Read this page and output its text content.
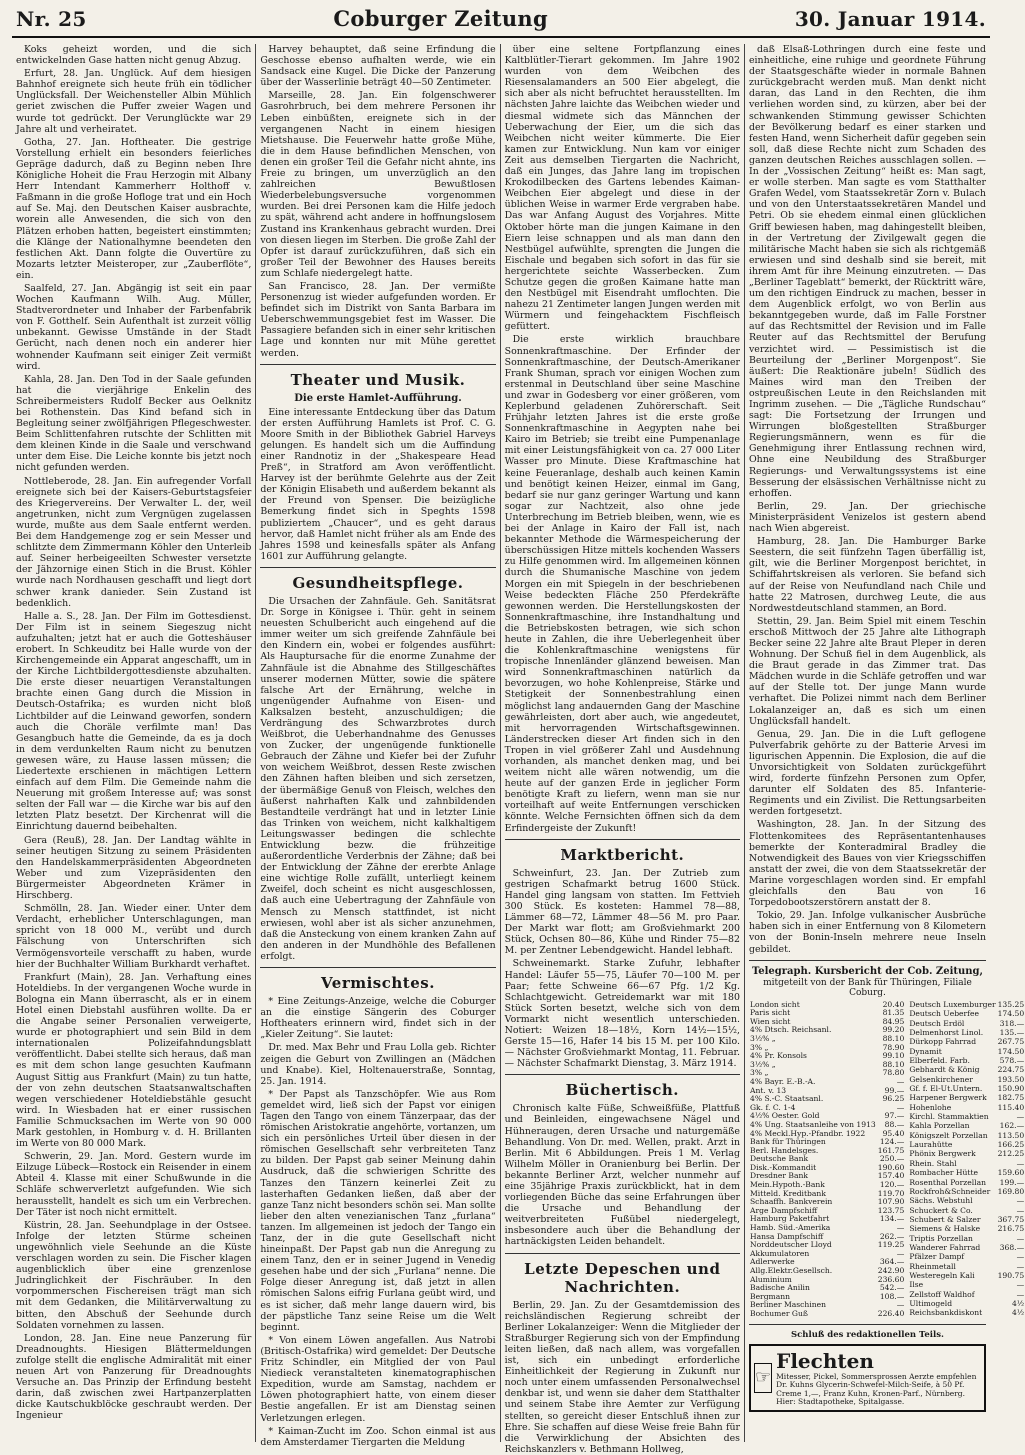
Nr. 25	Coburger Zeitung	30. Januar 1914.

Koks geheizt worden, und die sich entwickelnden Gase hatten nicht genug Abzug.

Erfurt, 28. Jan. Unglück. Auf dem hiesigen Bahnhof ereignete sich heute früh ein tödlicher Unglücksfall. Der Weichensteller Albin Mühlich geriet zwischen die Puffer zweier Wagen und wurde tot gedrückt. Der Verunglückte war 29 Jahre alt und verheiratet.

Gotha, 27. Jan. Hoftheater. Die gestrige Vorstellung erhielt ein besonders feierliches Gepräge dadurch, daß zu Beginn neben Ihre Königliche Hoheit die Frau Herzogin mit Albany Herr Intendant Kammerherr Holthoff v. Faßmann in die große Hofloge trat und ein Hoch auf Se. Maj. den Deutschen Kaiser ausbrachte, worein alle Anwesenden, die sich von den Plätzen erhoben hatten, begeistert einstimmten; die Klänge der Nationalhymne beendeten den festlichen Akt. Dann folgte die Ouvertüre zu Mozarts letzter Meisteroper, zur „Zauberflöte“, ein.

Saalfeld, 27. Jan. Abgängig ist seit ein paar Wochen Kaufmann Wilh. Aug. Müller, Stadtverordneter und Inhaber der Farbenfabrik von F. Gotthelf. Sein Aufenthalt ist zurzeit völlig unbekannt. Gewisse Umstände in der Stadt Gerücht, nach denen noch ein anderer hier wohnender Kaufmann seit einiger Zeit vermißt wird.

Kahla, 28. Jan. Den Tod in der Saale gefunden hat die vierjährige Enkelin des Schreibermeisters Rudolf Becker aus Oelknitz bei Rothenstein. Das Kind befand sich in Begleitung seiner zwölfjährigen Pflegeschwester. Beim Schlittenfahren rutschte der Schlitten mit dem kleinen Kinde in die Saale und verschwand unter dem Eise. Die Leiche konnte bis jetzt noch nicht gefunden werden.

Nottleberode, 28. Jan. Ein aufregender Vorfall ereignete sich bei der Kaisers-Geburtstagsfeier des Kriegervereins. Der Verwalter L. der, weil angetrunken, nicht zum Vergnügen zugelassen wurde, mußte aus dem Saale entfernt werden. Bei dem Handgemenge zog er sein Messer und schlitzte dem Zimmermann Köhler den Unterleib auf. Seiner herbeigeeilten Schwester versetzte der Jähzornige einen Stich in die Brust. Köhler wurde nach Nordhausen geschafft und liegt dort schwer krank danieder. Sein Zustand ist bedenklich.

Halle a. S., 28. Jan. Der Film im Gottesdienst. Der Film ist in seinem Siegeszug nicht aufzuhalten; jetzt hat er auch die Gotteshäuser erobert. In Schkeuditz bei Halle wurde von der Kirchengemeinde ein Apparat angeschafft, um in der Kirche Lichtbildergottesdienste abzuhalten. Die erste dieser neuartigen Veranstaltungen brachte einen Gang durch die Mission in Deutsch-Ostafrika; es wurden nicht bloß Lichtbilder auf die Leinwand geworfen, sondern auch die Choräle verfilmte man! Das Gesangbuch hatte die Gemeinde, da es ja doch in dem verdunkelten Raum nicht zu benutzen gewesen wäre, zu Hause lassen müssen; die Liedertexte erschienen in mächtigen Lettern einfach auf dem Film. Die Gemeinde nahm die Neuerung mit großem Interesse auf; was sonst selten der Fall war — die Kirche war bis auf den letzten Platz besetzt. Der Kirchenrat will die Einrichtung dauernd beibehalten.

Gera (Reuß), 28. Jan. Der Landtag wählte in seiner heutigen Sitzung zu seinem Präsidenten den Handelskammerpräsidenten Abgeordneten Weber und zum Vizepräsidenten den Bürgermeister Abgeordneten Krämer in Hirschberg.

Schmölln, 28. Jan. Wieder einer. Unter dem Verdacht, erheblicher Unterschlagungen, man spricht von 18 000 M., verübt und durch Fälschung von Unterschriften sich Vermögensvorteile verschafft zu haben, wurde hier der Buchhalter William Burkhardt verhaftet.

Frankfurt (Main), 28. Jan. Verhaftung eines Hoteldiebs. In der vergangenen Woche wurde in Bologna ein Mann überrascht, als er in einem Hotel einen Diebstahl ausführen wollte. Da er die Angabe seiner Personalien verweigerte, wurde er photographiert und sein Bild in dem internationalen Polizeifahndungsblatt veröffentlicht. Dabei stellte sich heraus, daß man es mit dem schon lange gesuchten Kaufmann August Sittig aus Frankfurt (Main) zu tun hatte, der von zehn deutschen Staatsanwaltschaften wegen verschiedener Hoteldiebstähle gesucht wird. In Wiesbaden hat er einer russischen Familie Schmucksachen im Werte von 90 000 Mark gestohlen, in Homburg v. d. H. Brillanten im Werte von 80 000 Mark.

Schwerin, 29. Jan. Mord. Gestern wurde im Eilzuge Lübeck—Rostock ein Reisender in einem Abteil 4. Klasse mit einer Schußwunde in die Schläfe schwerverletzt aufgefunden. Wie sich herausstellt, handelt es sich um ein Verbrechen. Der Täter ist noch nicht ermittelt.

Küstrin, 28. Jan. Seehundplage in der Ostsee. Infolge der letzten Stürme scheinen ungewöhnlich viele Seehunde an die Küste verschlagen worden zu sein. Die Fischer klagen augenblicklich über eine grenzenlose Judringlichkeit der Fischräuber. In den vorpommerschen Fischereisen trägt man sich mit dem Gedanken, die Militärverwaltung zu bitten, den Abschuß der Seehunde durch Soldaten vornehmen zu lassen.

London, 28. Jan. Eine neue Panzerung für Dreadnoughts. Hiesigen Blättermeldungen zufolge stellt die englische Admiralität mit einer neuen Art von Panzerung für Dreadnoughts Versuche an. Das Prinzip der Erfindung besteht darin, daß zwischen zwei Hartpanzerplatten dicke Kautschukblöcke geschraubt werden. Der Ingenieur

Harvey behauptet, daß seine Erfindung die Geschosse ebenso aufhalten werde, wie ein Sandsack eine Kugel. Die Dicke der Panzerung über der Wasserlinie beträgt 40—50 Zentimeter.

Marseille, 28. Jan. Ein folgenschwerer Gasrohrbruch, bei dem mehrere Personen ihr Leben einbüßten, ereignete sich in der vergangenen Nacht in einem hiesigen Mietshause. Die Feuerwehr hatte große Mühe, die in dem Hause befindlichen Menschen, von denen ein großer Teil die Gefahr nicht ahnte, ins Freie zu bringen, um unverzüglich an den zahlreichen Bewußtlosen Wiederbelebungsversuche vorgenommen wurden. Bei drei Personen kam die Hilfe jedoch zu spät, während acht andere in hoffnungslosem Zustand ins Krankenhaus gebracht wurden. Drei von diesen liegen im Sterben. Die große Zahl der Opfer ist darauf zurückzuführen, daß sich ein großer Teil der Bewohner des Hauses bereits zum Schlafe niedergelegt hatte.

San Francisco, 28. Jan. Der vermißte Personenzug ist wieder aufgefunden worden. Er befindet sich im Distrikt von Santa Barbara im Ueberschwemmungsgebiet fest im Wasser. Die Passagiere befanden sich in einer sehr kritischen Lage und konnten nur mit Mühe gerettet werden.

Theater und Musik.
Die erste Hamlet-Aufführung.

Eine interessante Entdeckung über das Datum der ersten Aufführung Hamlets ist Prof. C. G. Moore Smith in der Bibliothek Gabriel Harveys gelungen. Es handelt sich um die Auffindung einer Randnotiz in der „Shakespeare Head Preß“, in Stratford am Avon veröffentlicht. Harvey ist der berühmte Gelehrte aus der Zeit der Königin Elisabeth und außerdem bekannt als der Freund von Spenser. Die beizügliche Bemerkung findet sich in Speghts 1598 publiziertem „Chaucer“, und es geht daraus hervor, daß Hamlet nicht früher als am Ende des Jahres 1598 und keinesfalls später als Anfang 1601 zur Aufführung gelangte.

Gesundheitspflege.

Die Ursachen der Zahnfäule. Geh. Sanitätsrat Dr. Sorge in Königsee i. Thür. geht in seinem neuesten Schulbericht auch eingehend auf die immer weiter um sich greifende Zahnfäule bei den Kindern ein, wobei er folgendes ausführt: Als Hauptursache für die enorme Zunahme der Zahnfäule ist die Abnahme des Stillgeschäftes unserer modernen Mütter, sowie die spätere falsche Art der Ernährung, welche in ungenügender Aufnahme von Eisen- und Kalksalzen besteht, anzuschuldigen; die Verdrängung des Schwarzbrotes durch Weißbrot, die Ueberhandnahme des Genusses von Zucker, der ungenügende funktionelle Gebrauch der Zähne und Kiefer bei der Zufuhr von weichem Weißbrot, dessen Reste zwischen den Zähnen haften bleiben und sich zersetzen, der übermäßige Genuß von Fleisch, welches den äußerst nahrhaften Kalk und zahnbildenden Bestandteile verdrängt hat und in letzter Linie das Trinken von weichem, nicht kalkhaltigem Leitungswasser bedingen die schlechte Entwicklung bezw. die frühzeitige außerordentliche Verderbnis der Zähne; daß bei der Entwicklung der Zähne der ererbte Anlage eine wichtige Rolle zufällt, unterliegt keinem Zweifel, doch scheint es nicht ausgeschlossen, daß auch eine Uebertragung der Zahnfäule von Mensch zu Mensch stattfindet, ist nicht erwiesen, wohl aber ist als sicher anzunehmen, daß die Ansteckung von einem kranken Zahn auf den anderen in der Mundhöhle des Befallenen erfolgt.

Vermischtes.

* Eine Zeitungs-Anzeige, welche die Coburger an die einstige Sängerin des Coburger Hoftheaters erinnern wird, findet sich in der „Kieler Zeitung“. Sie lautet:

Dr. med. Max Behr und Frau Lolla geb. Richter zeigen die Geburt von Zwillingen an (Mädchen und Knabe). Kiel, Holtenauerstraße, Sonntag, 25. Jan. 1914.

* Der Papst als Tanzschöpfer. Wie aus Rom gemeldet wird, ließ sich der Papst vor einigen Tagen den Tango von einem Tänzerpaar, das der römischen Aristokratie angehörte, vortanzen, um sich ein persönliches Urteil über diesen in der römischen Gesellschaft sehr verbreiteten Tanz zu bilden. Der Papst gab seiner Meinung dahin Ausdruck, daß die schwierigen Schritte des Tanzes den Tänzern keinerlei Zeit zu lasterhaften Gedanken ließen, daß aber der ganze Tanz nicht besonders schön sei. Man sollte lieber den alten venezianischen Tanz „furlana“ tanzen. Im allgemeinen ist jedoch der Tango ein Tanz, der in die gute Gesellschaft nicht hineinpaßt. Der Papst gab nun die Anregung zu einem Tanz, den er in seiner Jugend in Venedig gesehen habe und der sich „Furlana“ nenne. Die Folge dieser Anregung ist, daß jetzt in allen römischen Salons eifrig Furlana geübt wird, und es ist sicher, daß mehr lange dauern wird, bis der päpstliche Tanz seine Reise um die Welt beginnt.

* Von einem Löwen angefallen. Aus Natrobi (Britisch-Ostafrika) wird gemeldet: Der Deutsche Fritz Schindler, ein Mitglied der von Paul Niedieck veranstalteten kinematographischen Expedition, wurde am Samstag, nachdem er Löwen photographiert hatte, von einem dieser Bestie angefallen. Er ist am Dienstag seinen Verletzungen erlegen.

* Kaiman-Zucht im Zoo. Schon einmal ist aus dem Amsterdamer Tiergarten die Meldung

über eine seltene Fortpflanzung eines Kaltblütler-Tierart gekommen. Im Jahre 1902 wurden von dem Weibchen des Riesensalamanders an 500 Eier abgelegt, die sich aber als nicht befruchtet herausstellten. Im nächsten Jahre laichte das Weibchen wieder und diesmal widmete sich das Männchen der Ueberwachung der Eier, um die sich das Weibchen nicht weiter kümmerte. Die Eier kamen zur Entwicklung. Nun kam vor einiger Zeit aus demselben Tiergarten die Nachricht, daß ein Junges, das Jahre lang im tropischen Krokodilbecken des Gartens lebendes Kaiman-Weibchen Eier abgelegt und diese in der üblichen Weise in warmer Erde vergraben habe. Das war Anfang August des Vorjahres. Mitte Oktober hörte man die jungen Kaimane in den Eiern leise schnappen und als man dann den Nestbügel aufwühlte, sprengten die Jungen die Eischale und begaben sich sofort in das für sie hergerichtete seichte Wasserbecken. Zum Schutze gegen die großen Kaimane hatte man den Nestbügel mit Eisendraht umflochten. Die nahezu 21 Zentimeter langen Jungen werden mit Würmern und feingehacktem Fischfleisch gefüttert.

Die erste wirklich brauchbare Sonnenkraftmaschine. Der Erfinder der Sonnenkraftmaschine, der Deutsch-Amerikaner Frank Shuman, sprach vor einigen Wochen zum erstenmal in Deutschland über seine Maschine und zwar in Godesberg vor einer größeren, vom Keplerbund geladenen Zuhörerschaft. Seit Frühjahr letzten Jahres ist die erste große Sonnenkraftmaschine in Aegypten nahe bei Kairo im Betrieb; sie treibt eine Pumpenanlage mit einer Leistungsfähigkeit von ca. 27 000 Liter Wasser pro Minute. Diese Kraftmaschine hat keine Feueranlage, deshalb auch keinen Kamin und benötigt keinen Heizer, einmal im Gang, bedarf sie nur ganz geringer Wartung und kann sogar zur Nachtzeit, also ohne jede Unterbrechung im Betrieb bleiben, wenn, wie es bei der Anlage in Kairo der Fall ist, nach bekannter Methode die Wärmespeicherung der überschüssigen Hitze mittels kochenden Wassers zu Hilfe genommen wird. Im allgemeinen können durch die Shumanische Maschine von jedem Morgen ein mit Spiegeln in der beschriebenen Weise bedeckten Fläche 250 Pferdekräfte gewonnen werden. Die Herstellungskosten der Sonnenkraftmaschine, ihre Instandhaltung und die Betriebskosten betragen, wie sich schon heute in Zahlen, die ihre Ueberlegenheit über die Kohlenkraftmaschine wenigstens für tropische Innenländer glänzend beweisen. Man wird Sonnenkraftmaschinen natürlich da bevorzugen, wo hohe Kohlenpreise, Stärke und Stetigkeit der Sonnenbestrahlung einen möglichst lang andauernden Gang der Maschine gewährleisten, dort aber auch, wie angedeutet, mit hervorragenden Wirtschaftsgewinnen. Länderstrecken dieser Art finden sich in den Tropen in viel größerer Zahl und Ausdehnung vorhanden, als manchet denken mag, und bei weitem nicht alle wären notwendig, um die heute auf der ganzen Erde in jeglicher Form benötigte Kraft zu liefern, wenn man sie nur vorteilhaft auf weite Entfernungen verschicken könnte. Welche Fernsichten öffnen sich da dem Erfindergeiste der Zukunft!

Marktbericht.

Schweinfurt, 23. Jan. Der Zutrieb zum gestrigen Schafmarkt betrug 1600 Stück. Handel ging langsam von statten. Im Fettvieh 300 Stück. Es kosteten: Hammel 78—88, Lämmer 68—72, Lämmer 48—56 M. pro Paar. Der Markt war flott; am Großviehmarkt 200 Stück, Ochsen 80—86, Kühe und Rinder 75—82 M. per Zentner Lebendgewicht. Handel lebhaft.

Schweinemarkt. Starke Zufuhr, lebhafter Handel: Läufer 55—75, Läufer 70—100 M. per Paar; fette Schweine 66—67 Pfg. 1/2 Kg. Schlachtgewicht. Getreidemarkt war mit 180 Stück Sorten besetzt, welche sich von dem Vormarkt nicht wesentlich unterschieden. Notiert: Weizen 18—18½, Korn 14½—15½, Gerste 15—16, Hafer 14 bis 15 M. per 100 Kilo. — Nächster Großviehmarkt Montag, 11. Februar. — Nächster Schafmarkt Dienstag, 3. März 1914.

Büchertisch.

Chronisch kalte Füße, Schweißfüße, Plattfuß und Beinleiden, eingewachsene Nägel und Hühneraugen, deren Ursache und naturgemäße Behandlung. Von Dr. med. Wellen, prakt. Arzt in Berlin. Mit 6 Abbildungen. Preis 1 M. Verlag Wilhelm Möller in Oranienburg bei Berlin. Der bekannte Berliner Arzt, welcher nunmehr auf eine 35jährige Praxis zurückblickt, hat in dem vorliegenden Büche das seine Erfahrungen über die Ursache und Behandlung der weitverbreiteten Fußübel niedergelegt, insbesondere auch über die Behandlung der hartnäckigsten Leiden behandelt.

Letzte Depeschen und Nachrichten.

Berlin, 29. Jan. Zu der Gesamtdemission des reichsländischen Regierung schreibt der Berliner Lokalanzeiger: Wenn die Mitglieder der Straßburger Regierung sich von der Empfindung leiten ließen, daß nach allem, was vorgefallen ist, sich ein unbedingt erforderliche Einheitlichkeit der Regierung in Zukunft nur noch unter einem umfassenden Personalwechsel denkbar ist, und wenn sie daher dem Statthalter und seinem Stabe ihre Aemter zur Verfügung stellten, so gereicht dieser Entschluß ihnen zur Ehre. Sie schaffen auf diese Weise freie Bahn für die Verwirklichung der Absichten des Reichskanzlers v. Bethmann Hollweg,

daß Elsaß-Lothringen durch eine feste und einheitliche, eine ruhige und geordnete Führung der Staatsgeschäfte wieder in normale Bahnen zurückgebracht werden muß. Man denkt nicht daran, das Land in den Rechten, die ihm verliehen worden sind, zu kürzen, aber bei der schwankenden Stimmung gewisser Schichten der Bevölkerung bedarf es einer starken und festen Hand, wenn Sicherheit dafür gegeben sein soll, daß diese Rechte nicht zum Schaden des ganzen deutschen Reiches ausschlagen sollen. — In der „Vossischen Zeitung“ heißt es: Man sagt, er wolle sterben. Man sagte es vom Statthalter Grafen Wedel, vom Staatssekretär Zorn v. Bulach und von den Unterstaatssekretären Mandel und Petri. Ob sie ehedem einmal einen glücklichen Griff bewiesen haben, mag dahingestellt bleiben, in der Vertretung der Zivilgewalt gegen die militärische Macht haben sie sich als richtgemäß erwiesen und sind deshalb sind sie bereit, mit ihrem Amt für ihre Meinung einzutreten. — Das „Berliner Tageblatt“ bemerkt, der Rücktritt wäre, um den richtigen Eindruck zu machen, besser in dem Augenblick erfolgt, wo von Berlin aus bekanntgegeben wurde, daß im Falle Forstner auf das Rechtsmittel der Revision und im Falle Reuter auf das Rechtsmittel der Berufung verzichtet wird. — Pessimistisch ist die Beurteilung der „Berliner Morgenpost“. Sie äußert: Die Reaktionäre jubeln! Südlich des Maines wird man den Treiben der ostpreußischen Leute in den Reichslanden mit Ingrimm zusehen. — Die „Tägliche Rundschau“ sagt: Die Fortsetzung der Irrungen und Wirrungen bloßgestellten Straßburger Regierungsmännern, wenn es für die Genehmigung ihrer Entlassung rechnen wird, Ohne eine Neubildung des Straßburger Regierungs- und Verwaltungssystems ist eine Besserung der elsässischen Verhältnisse nicht zu erhoffen.

Berlin, 29. Jan. Der griechische Ministerpräsident Venizelos ist gestern abend nach Wien abgereist.

Hamburg, 28. Jan. Die Hamburger Barke Seestern, die seit fünfzehn Tagen überfällig ist, gilt, wie die Berliner Morgenpost berichtet, in Schiffahrtskreisen als verloren. Sie befand sich auf der Reise von Neufundland nach Chile und hatte 22 Matrosen, durchweg Leute, die aus Nordwestdeutschland stammen, an Bord.

Stettin, 29. Jan. Beim Spiel mit einem Teschin erschoß Mittwoch der 25 Jahre alte Lithograph Becker seine 22 Jahre alte Braut Pleper in deren Wohnung. Der Schuß fiel in dem Augenblick, als die Braut gerade in das Zimmer trat. Das Mädchen wurde in die Schläfe getroffen und war auf der Stelle tot. Der junge Mann wurde verhaftet. Die Polizei nimmt nach dem Berliner Lokalanzeiger an, daß es sich um einen Unglücksfall handelt.

Genua, 29. Jan. Die in die Luft geflogene Pulverfabrik gehörte zu der Batterie Arvesi im ligurischen Appennin. Die Explosion, die auf die Unvorsichtigkeit von Soldaten zurückgeführt wird, forderte fünfzehn Personen zum Opfer, darunter elf Soldaten des 85. Infanterie-Regiments und ein Zivilist. Die Rettungsarbeiten werden fortgesetzt.

Washington, 28. Jan. In der Sitzung des Flottenkomitees des Repräsentantenhauses bemerkte der Konteradmiral Bradley die Notwendigkeit des Baues von vier Kriegsschiffen anstatt der zwei, die von dem Staatssekretär der Marine vorgeschlagen worden sind. Er empfahl gleichfalls den Bau von 16 Torpedobootszerstörern anstatt der 8.

Tokio, 29. Jan. Infolge vulkanischer Ausbrüche haben sich in einer Entfernung von 8 Kilometern von der Bonin-Inseln mehrere neue Inseln gebildet.

Telegraph. Kursbericht der Cob. Zeitung,
mitgeteilt von der Bank für Thüringen, Filiale Coburg.
London sicht	20.40
Paris sicht	81.35
Wien sicht	84.95
4% Dtsch. Reichsanl.	99.20
3½% „	88.10
3% „	78.90
4% Pr. Konsols	99.10
3½% „	88.10
3% „	78.80
4% Bayr. E.-B.-A.	—
Ant. v. 13	99.—
4% S.-C. Staatsanl.	96.25
Gk. f. C. 1-4	—
4½% Oester. Gold	97.—
4% Ung. Staatsanleihe von 1913	88.—
4% Meckl.Hyp.-Pfandbr. 1922	95.40
Bank für Thüringen	124.—
Berl. Handelsges.	161.75
Deutsche Bank	250.—
Disk.-Kommandit	190.60
Dresdner Bank	157.40
Mein.Hypoth.-Bank	120.—
Mitteld. Kreditbank	119.70
Schaaffh. Bankverein	107.90
Arge Dampfschiff	123.75
Hamburg Paketfahrt	134.—
Hamb. Süd.-Amerika	—
Hansa Dampfschiff	262.—
Norddeutscher Lloyd	119.25
Akkumulatoren	—
Adlerwerke	364.—
Allg.Elektr.Gesellsch.	242.90
Aluminium	236.60
Badische Anilin	542.—
Bergmann	108.—
Berliner Maschinen	—
Bochumer Guß	226.40
Deutsch Luxemburger	135.25
Deutsch Ueberfee	174.50
Deutsch Erdöl	318.—
Delmenhorst Linol.	135.—
Dürkopp Fahrrad	267.75
Dynamit	174.50
Elberfeld. Farb.	578.—
Gebhardt & König	224.75
Gelsenkirchener	193.50
Gf. f. El-Ut.Untern.	150.90
Harpener Bergwerk	182.75
Hohenlohe	115.40
Kirchl. Stammaktien	—
Kahla Porzellan	162.—
Königszelt Porzellan	113.50
Laurahütte	166.25
Phönix Bergwerk	212.25
Rhein. Stahl	—
Rombacher Hütte	159.60
Rosenthal Porzellan	199.—
Rockfroh&Schneider	169.80
Sächs. Webstuhl	—
Schuckert & Co.	—
Schubert & Salzer	367.75
Siemens & Halske	216.75
Triptis Porzellan	—
Wanderer Fahrrad	368.—
Pfälzer Dampf	—
Rheinmetall	—
Westeregeln Kali	190.75
Ilse	—
Zellstoff Waldhof	—
Ultimogeld	4½
Reichsbankdiskont	4½
Schluß des redaktionellen Teils.
☞
Flechten
Mitesser, Pickel, Sommersprossen Aerzte empfehlen Dr. Kuhns Glycerin-Schwefel-Milch-Seife, à 50 Pf. Creme 1,—, Franz Kuhn, Kronen-Parf., Nürnberg. Hier: Stadtapotheke, Spitalgasse.
